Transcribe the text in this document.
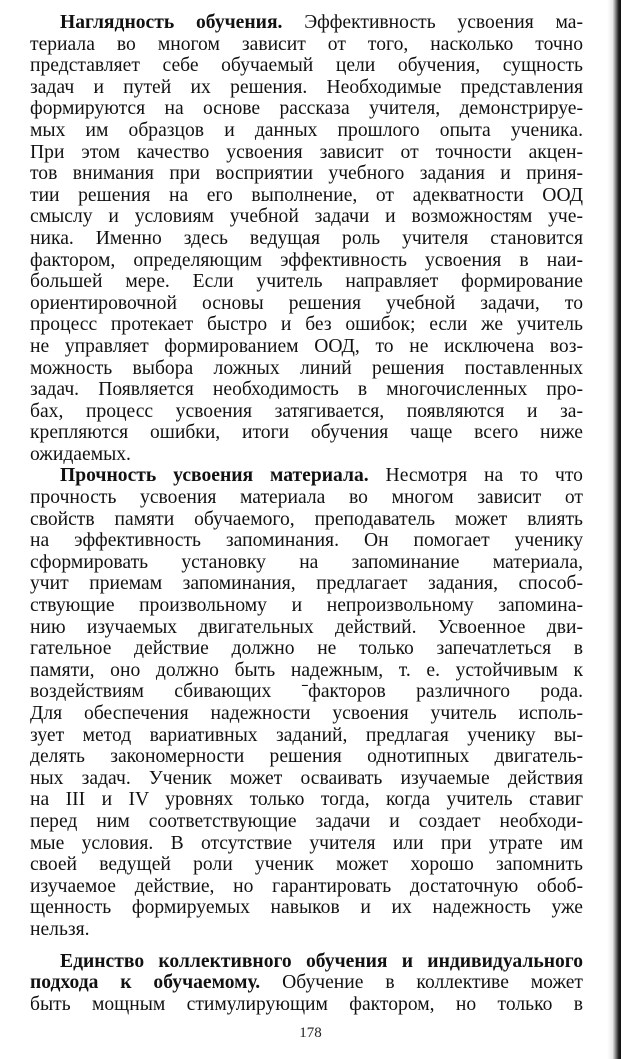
Наглядность обучения. Эффективность усвоения ма-
териала во многом зависит от того, насколько точно
представляет себе обучаемый цели обучения, сущность
задач и путей их решения. Необходимые представления
формируются на основе рассказа учителя, демонстрируе-
мых им образцов и данных прошлого опыта ученика.
При этом качество усвоения зависит от точности акцен-
тов внимания при восприятии учебного задания и приня-
тии решения на его выполнение, от адекватности ООД
смыслу и условиям учебной задачи и возможностям уче-
ника. Именно здесь ведущая роль учителя становится
фактором, определяющим эффективность усвоения в наи-
большей мере. Если учитель направляет формирование
ориентировочной основы решения учебной задачи, то
процесс протекает быстро и без ошибок; если же учитель
не управляет формированием ООД, то не исключена воз-
можность выбора ложных линий решения поставленных
задач. Появляется необходимость в многочисленных про-
бах, процесс усвоения затягивается, появляются и за-
крепляются ошибки, итоги обучения чаще всего ниже
ожидаемых.
Прочность усвоения материала. Несмотря на то что
прочность усвоения материала во многом зависит от
свойств памяти обучаемого, преподаватель может влиять
на эффективность запоминания. Он помогает ученику
сформировать установку на запоминание материала,
учит приемам запоминания, предлагает задания, способ-
ствующие произвольному и непроизвольному запомина-
нию изучаемых двигательных действий. Усвоенное дви-
гательное действие должно не только запечатлеться в
памяти, оно должно быть надежным, т. е. устойчивым к
воздействиям сбивающих ˉфакторов различного рода.
Для обеспечения надежности усвоения учитель исполь-
зует метод вариативных заданий, предлагая ученику вы-
делять закономерности решения однотипных двигатель-
ных задач. Ученик может осваивать изучаемые действия
на III и IV уровнях только тогда, когда учитель ставиг
перед ним соответствующие задачи и создает необходи-
мые условия. В отсутствие учителя или при утрате им
своей ведущей роли ученик может хорошо запомнить
изучаемое действие, но гарантировать достаточную обоб-
щенность формируемых навыков и их надежность уже
нельзя.
Единство коллективного обучения и индивидуального
подхода к обучаемому. Обучение в коллективе может
быть мощным стимулирующим фактором, но только в
178
